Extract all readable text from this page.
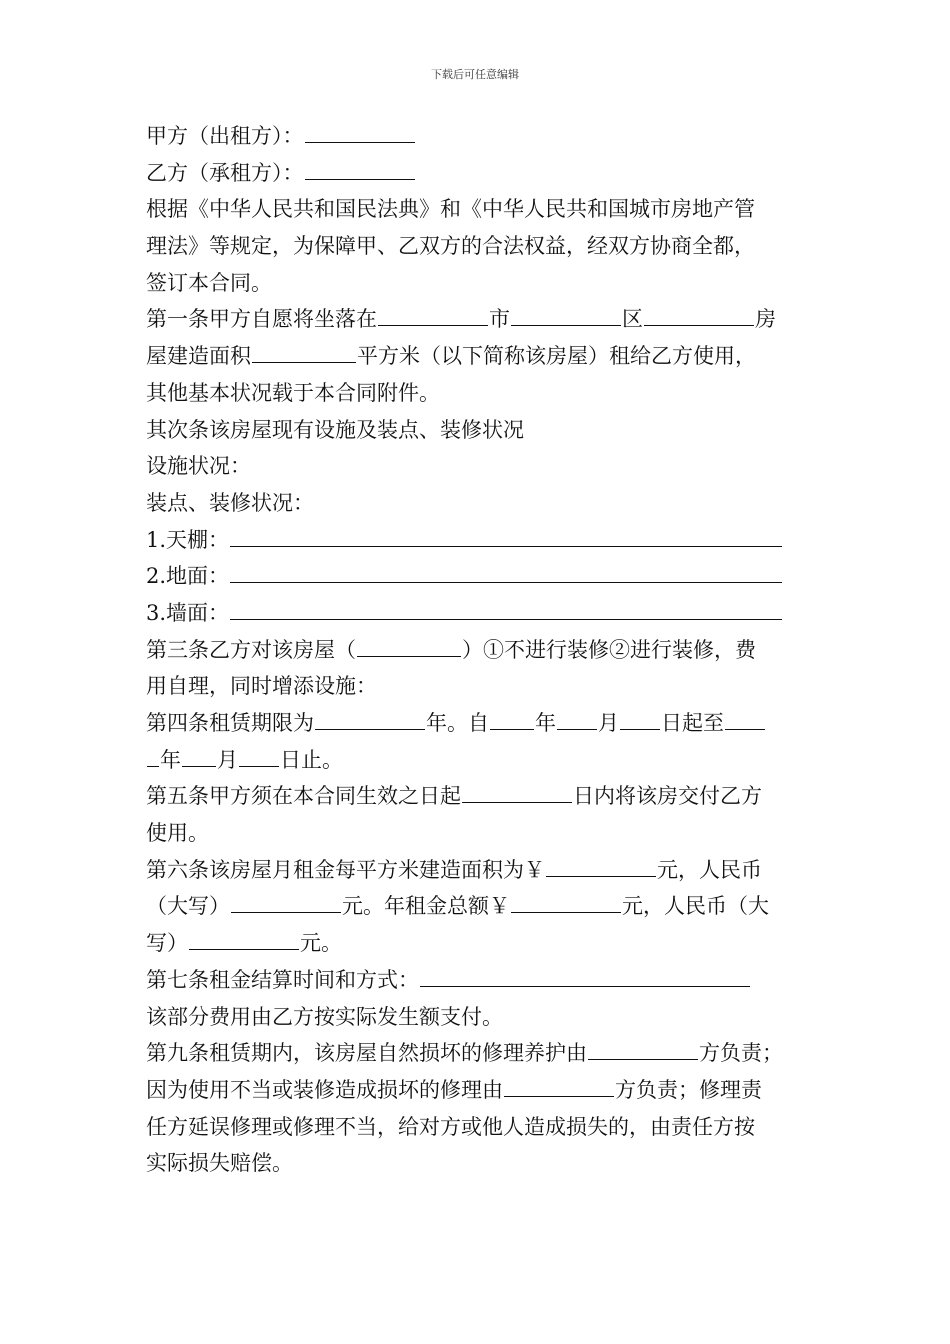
下载后可任意编辑
甲方（出租方）：
乙方（承租方）：
根据《中华人民共和国民法典》和《中华人民共和国城市房地产管
理法》等规定，为保障甲、乙双方的合法权益，经双方协商全都，
签订本合同。
第一条甲方自愿将坐落在	市	区	房
屋建造面积	平方米（以下简称该房屋）租给乙方使用，
其他基本状况载于本合同附件。
其次条该房屋现有设施及装点、装修状况
设施状况：
装点、装修状况：
1.天棚：
2.地面：
3.墙面：
第三条乙方对该房屋（	）①不进行装修②进行装修，费
用自理，同时增添设施：
第四条租赁期限为	年。自 年 月 日起至
年 月 日止。
第五条甲方须在本合同生效之日起	日内将该房交付乙方
使用。
第六条该房屋月租金每平方米建造面积为￥	元，人民币
（大写）	元。年租金总额￥	元，人民币（大
写）	元。
第七条租金结算时间和方式：
该部分费用由乙方按实际发生额支付。
第九条租赁期内，该房屋自然损坏的修理养护由	方负责；
因为使用不当或装修造成损坏的修理由	方负责；修理责
任方延误修理或修理不当，给对方或他人造成损失的，由责任方按
实际损失赔偿。
